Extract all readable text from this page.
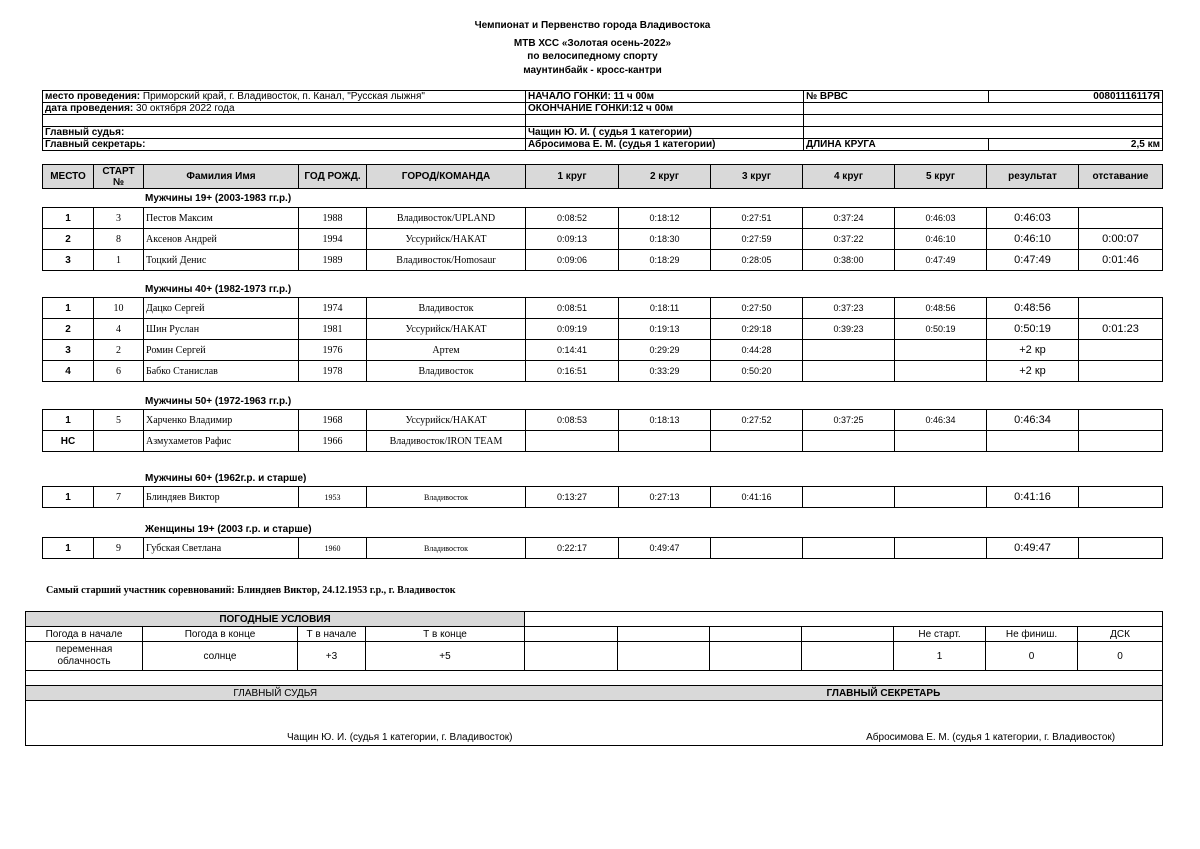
Чемпионат и Первенство города Владивостока
МТВ ХСС «Золотая осень-2022»
по велосипедному спорту
маунтинбайк - кросс-кантри
место проведения: Приморский край, г. Владивосток, п. Канал, "Русская лыжня"	НАЧАЛО ГОНКИ: 11 ч 00м	№ ВРВС	00801116117Я
дата проведения: 30 октября 2022 года	ОКОНЧАНИЕ ГОНКИ:12 ч 00м		

Главный судья:	Чащин Ю. И. ( судья 1 категории)		
Главный секретарь:	Абросимова Е. М. (судья 1 категории)	ДЛИНА КРУГА	2,5 км
МЕСТО	СТАРТ №	Фамилия Имя	ГОД РОЖД.	ГОРОД/КОМАНДА	1 круг	2 круг	3 круг	4 круг	5 круг	результат	отставание
Мужчины 19+ (2003-1983 гг.р.)
1	3	Пестов Максим	1988	Владивосток/UPLAND	0:08:52	0:18:12	0:27:51	0:37:24	0:46:03	0:46:03	
2	8	Аксенов Андрей	1994	Уссурийск/НАКАТ	0:09:13	0:18:30	0:27:59	0:37:22	0:46:10	0:46:10	0:00:07
3	1	Тоцкий Денис	1989	Владивосток/Homosaur	0:09:06	0:18:29	0:28:05	0:38:00	0:47:49	0:47:49	0:01:46
Мужчины 40+ (1982-1973 гг.р.)
1	10	Дацко Сергей	1974	Владивосток	0:08:51	0:18:11	0:27:50	0:37:23	0:48:56	0:48:56	
2	4	Шин Руслан	1981	Уссурийск/НАКАТ	0:09:19	0:19:13	0:29:18	0:39:23	0:50:19	0:50:19	0:01:23
3	2	Ромин Сергей	1976	Артем	0:14:41	0:29:29	0:44:28			+2 кр	
4	6	Бабко Станислав	1978	Владивосток	0:16:51	0:33:29	0:50:20			+2 кр	
Мужчины 50+ (1972-1963 гг.р.)
1	5	Харченко Владимир	1968	Уссурийск/НАКАТ	0:08:53	0:18:13	0:27:52	0:37:25	0:46:34	0:46:34	
НС		Азмухаметов Рафис	1966	Владивосток/IRON TEAM							
Мужчины 60+ (1962г.р. и старше)
1	7	Блиндяев Виктор	1953	Владивосток	0:13:27	0:27:13	0:41:16			0:41:16	
Женщины 19+ (2003 г.р. и старше)
1	9	Губская Светлана	1960	Владивосток	0:22:17	0:49:47				0:49:47	
Самый старший участник соревнований: Блиндяев Виктор, 24.12.1953 г.р., г. Владивосток
ПОГОДНЫЕ УСЛОВИЯ										
Погода в начале	Погода в конце	Т в начале	Т в конце					Не старт.	Не финиш.	ДСК
переменная облачность	солнце	+3	+5					1	0	0

ГЛАВНЫЙ СУДЬЯ							ГЛАВНЫЙ СЕКРЕТАРЬ			

Чащин Ю. И. (судья 1 категории, г. Владивосток)							Абросимова Е. М. (судья 1 категории, г. Владивосток)			
